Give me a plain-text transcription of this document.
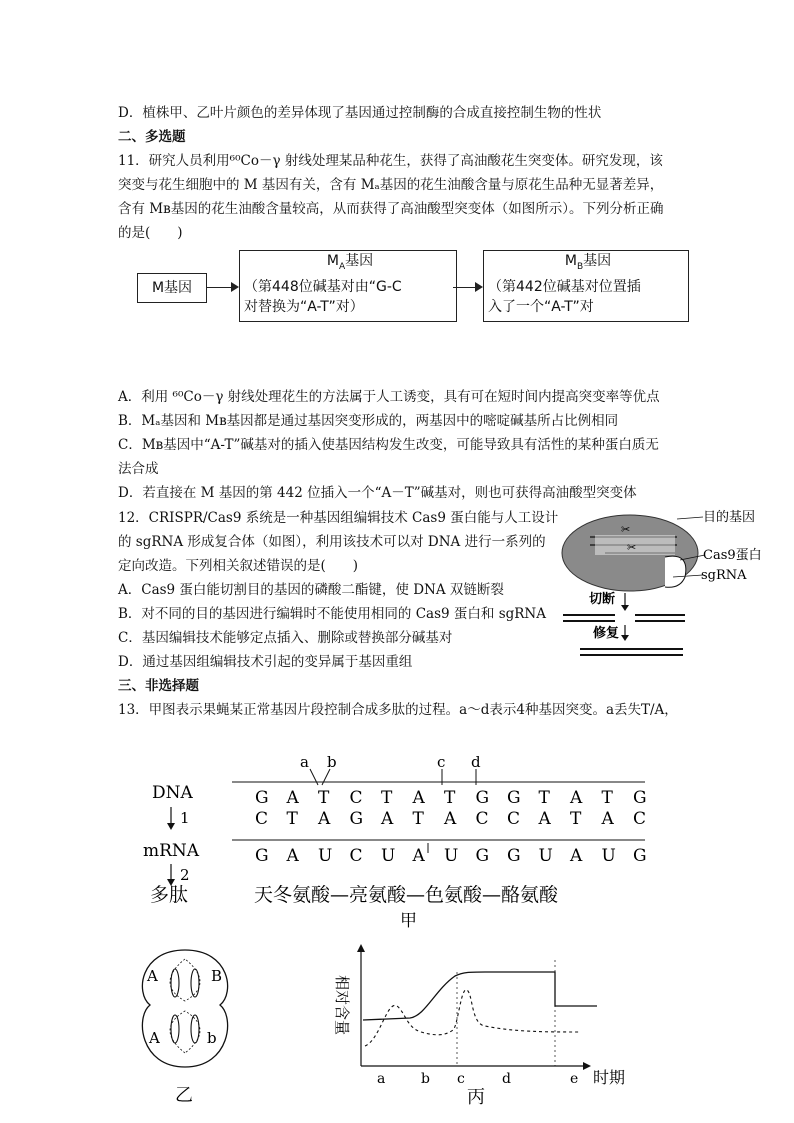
D．植株甲、乙叶片颜色的差异体现了基因通过控制酶的合成直接控制生物的性状
二、多选题
11．研究人员利用⁶⁰Co－γ 射线处理某品种花生，获得了高油酸花生突变体。研究发现，该
突变与花生细胞中的 M 基因有关，含有 Mₐ基因的花生油酸含量与原花生品种无显著差异，
含有 Mʙ基因的花生油酸含量较高，从而获得了高油酸型突变体（如图所示）。下列分析正确
的是(　　)
M基因
$M_A$基因
（第448位碱基对由“G-C
对替换为“A-T”对）
$M_B$基因
（第442位碱基对位置插
入了一个“A-T”对
A．利用 ⁶⁰Co－γ 射线处理花生的方法属于人工诱变，具有可在短时间内提高突变率等优点
B．Mₐ基因和 Mʙ基因都是通过基因突变形成的，两基因中的嘧啶碱基所占比例相同
C．Mʙ基因中“A-T”碱基对的插入使基因结构发生改变，可能导致具有活性的某种蛋白质无
法合成
D．若直接在 M 基因的第 442 位插入一个“A－T”碱基对，则也可获得高油酸型突变体
12．CRISPR/Cas9 系统是一种基因组编辑技术 Cas9 蛋白能与人工设计
的 sgRNA 形成复合体（如图），利用该技术可以对 DNA 进行一系列的
定向改造。下列相关叙述错误的是(　　)
A．Cas9 蛋白能切割目的基因的磷酸二酯键，使 DNA 双链断裂
B．对不同的目的基因进行编辑时不能使用相同的 Cas9 蛋白和 sgRNA
C．基因编辑技术能够定点插入、删除或替换部分碱基对
D．通过基因组编辑技术引起的变异属于基因重组
✂
✂
目的基因
Cas9蛋白
sgRNA
切断
修复
三、非选择题
13．甲图表示果蝇某正常基因片段控制合成多肽的过程。a～d表示4种基因突变。a丢失T/A，
DNA
1
mRNA
2
多肽
G A T C T A T G G T A T G
C T A G A T A C C A T A C
G A U C U A U G G U A U G
a b	c d
天冬氨酸—亮氨酸—色氨酸—酪氨酸
甲
A	B
A	b
乙
相对含量
a	b c	d	e 时期
丙
